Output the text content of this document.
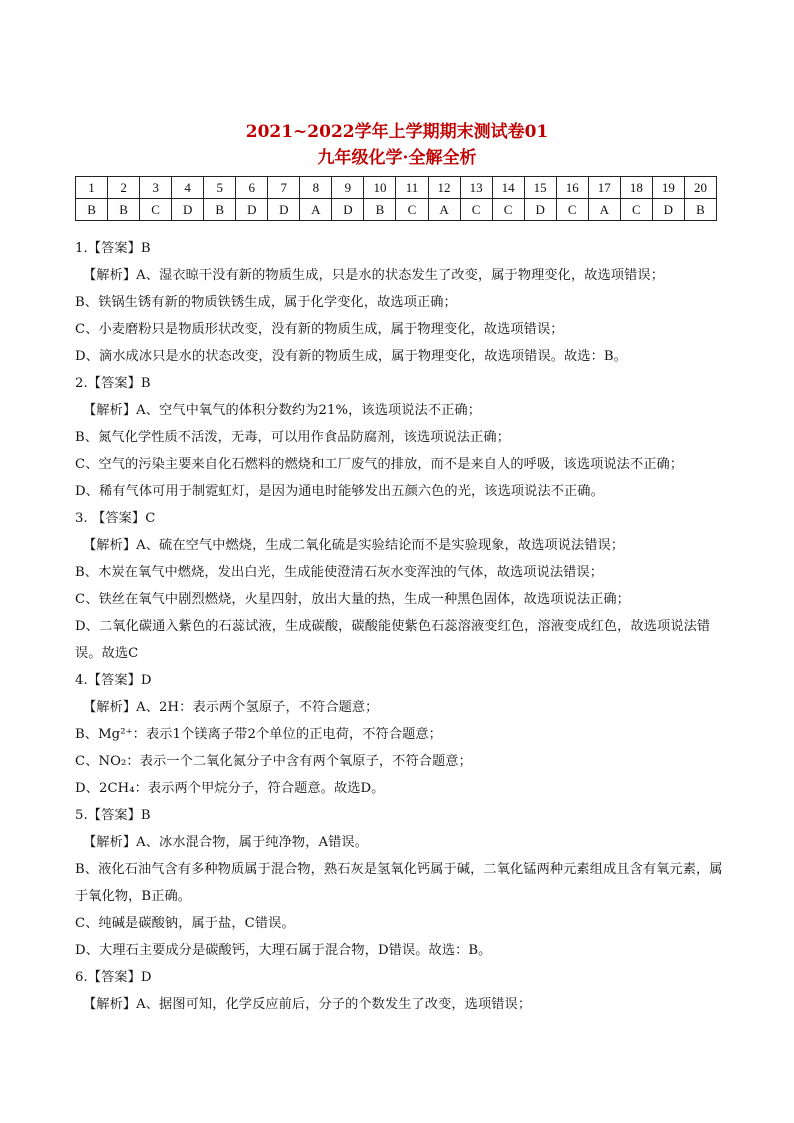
2021~2022学年上学期期末测试卷01
九年级化学·全解全析
1	2	3	4	5	6	7	8	9	10	11	12	13	14	15	16	17	18	19	20
B	B	C	D	B	D	D	A	D	B	C	A	C	C	D	C	A	C	D	B
1.【答案】B
【解析】A、湿衣晾干没有新的物质生成，只是水的状态发生了改变，属于物理变化，故选项错误；
B、铁锅生锈有新的物质铁锈生成，属于化学变化，故选项正确；
C、小麦磨粉只是物质形状改变，没有新的物质生成，属于物理变化，故选项错误；
D、滴水成冰只是水的状态改变，没有新的物质生成，属于物理变化，故选项错误。故选：B。
2.【答案】B
【解析】A、空气中氧气的体积分数约为21%，该选项说法不正确；
B、氮气化学性质不活泼，无毒，可以用作食品防腐剂，该选项说法正确；
C、空气的污染主要来自化石燃料的燃烧和工厂废气的排放，而不是来自人的呼吸，该选项说法不正确；
D、稀有气体可用于制霓虹灯，是因为通电时能够发出五颜六色的光，该选项说法不正确。
3. 【答案】C
【解析】A、硫在空气中燃烧，生成二氧化硫是实验结论而不是实验现象，故选项说法错误；
B、木炭在氧气中燃烧，发出白光，生成能使澄清石灰水变浑浊的气体，故选项说法错误；
C、铁丝在氧气中剧烈燃烧，火星四射，放出大量的热，生成一种黑色固体，故选项说法正确；
D、二氧化碳通入紫色的石蕊试液，生成碳酸，碳酸能使紫色石蕊溶液变红色，溶液变成红色，故选项说法错误。故选C
4.【答案】D
【解析】A、2H：表示两个氢原子，不符合题意；
B、Mg²⁺：表示1个镁离子带2个单位的正电荷，不符合题意；
C、NO₂：表示一个二氧化氮分子中含有两个氧原子，不符合题意；
D、2CH₄：表示两个甲烷分子，符合题意。故选D。
5.【答案】B
【解析】A、冰水混合物，属于纯净物，A错误。
B、液化石油气含有多种物质属于混合物，熟石灰是氢氧化钙属于碱，二氧化锰两种元素组成且含有氧元素，属于氧化物，B正确。
C、纯碱是碳酸钠，属于盐，C错误。
D、大理石主要成分是碳酸钙，大理石属于混合物，D错误。故选：B。
6.【答案】D
【解析】A、据图可知，化学反应前后，分子的个数发生了改变，选项错误；
